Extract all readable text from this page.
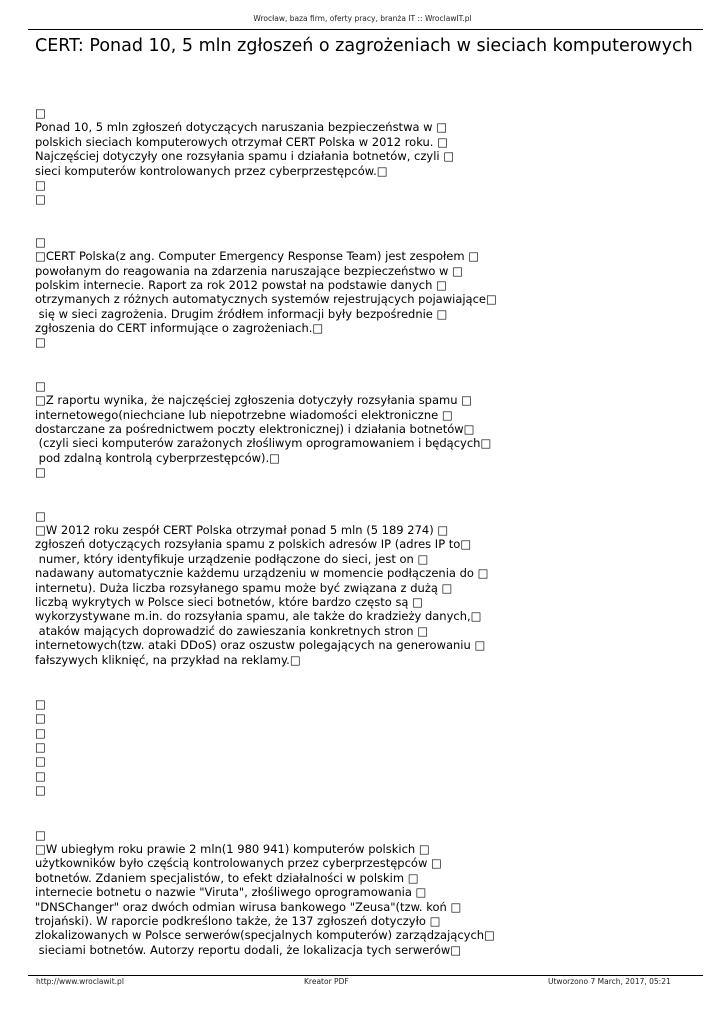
Wrocław, baza firm, oferty pracy, branża IT :: WroclawIT.pl
CERT: Ponad 10, 5 mln zgłoszeń o zagrożeniach w sieciach komputerowych
□
Ponad 10, 5 mln zgłoszeń dotyczących naruszania bezpieczeństwa w □
polskich sieciach komputerowych otrzymał CERT Polska w 2012 roku. □
Najczęściej dotyczyły one rozsyłania spamu i działania botnetów, czyli □
sieci komputerów kontrolowanych przez cyberprzestępców.□
□
□
□
□CERT Polska(z ang. Computer Emergency Response Team) jest zespołem □
powołanym do reagowania na zdarzenia naruszające bezpieczeństwo w □
polskim internecie. Raport za rok 2012 powstał na podstawie danych □
otrzymanych z różnych automatycznych systemów rejestrujących pojawiające□
się w sieci zagrożenia. Drugim źródłem informacji były bezpośrednie □
zgłoszenia do CERT informujące o zagrożeniach.□
□
□
□Z raportu wynika, że najczęściej zgłoszenia dotyczyły rozsyłania spamu □
internetowego(niechciane lub niepotrzebne wiadomości elektroniczne □
dostarczane za pośrednictwem poczty elektronicznej) i działania botnetów□
(czyli sieci komputerów zarażonych złośliwym oprogramowaniem i będących□
pod zdalną kontrolą cyberprzestępców).□
□
□
□W 2012 roku zespół CERT Polska otrzymał ponad 5 mln (5 189 274) □
zgłoszeń dotyczących rozsyłania spamu z polskich adresów IP (adres IP to□
numer, który identyfikuje urządzenie podłączone do sieci, jest on □
nadawany automatycznie każdemu urządzeniu w momencie podłączenia do □
internetu). Duża liczba rozsyłanego spamu może być związana z dużą □
liczbą wykrytych w Polsce sieci botnetów, które bardzo często są □
wykorzystywane m.in. do rozsyłania spamu, ale także do kradzieży danych,□
ataków mających doprowadzić do zawieszania konkretnych stron □
internetowych(tzw. ataki DDoS) oraz oszustw polegających na generowaniu □
fałszywych kliknięć, na przykład na reklamy.□
□
□
□
□
□
□
□
□
□W ubiegłym roku prawie 2 mln(1 980 941) komputerów polskich □
użytkowników było częścią kontrolowanych przez cyberprzestępców □
botnetów. Zdaniem specjalistów, to efekt działalności w polskim □
internecie botnetu o nazwie "Viruta", złośliwego oprogramowania □
"DNSChanger" oraz dwóch odmian wirusa bankowego "Zeusa"(tzw. koń □
trojański). W raporcie podkreślono także, że 137 zgłoszeń dotyczyło □
zlokalizowanych w Polsce serwerów(specjalnych komputerów) zarządzających□
sieciami botnetów. Autorzy reportu dodali, że lokalizacja tych serwerów□
http://www.wroclawit.pl	Kreator PDF	Utworzono 7 March, 2017, 05:21
